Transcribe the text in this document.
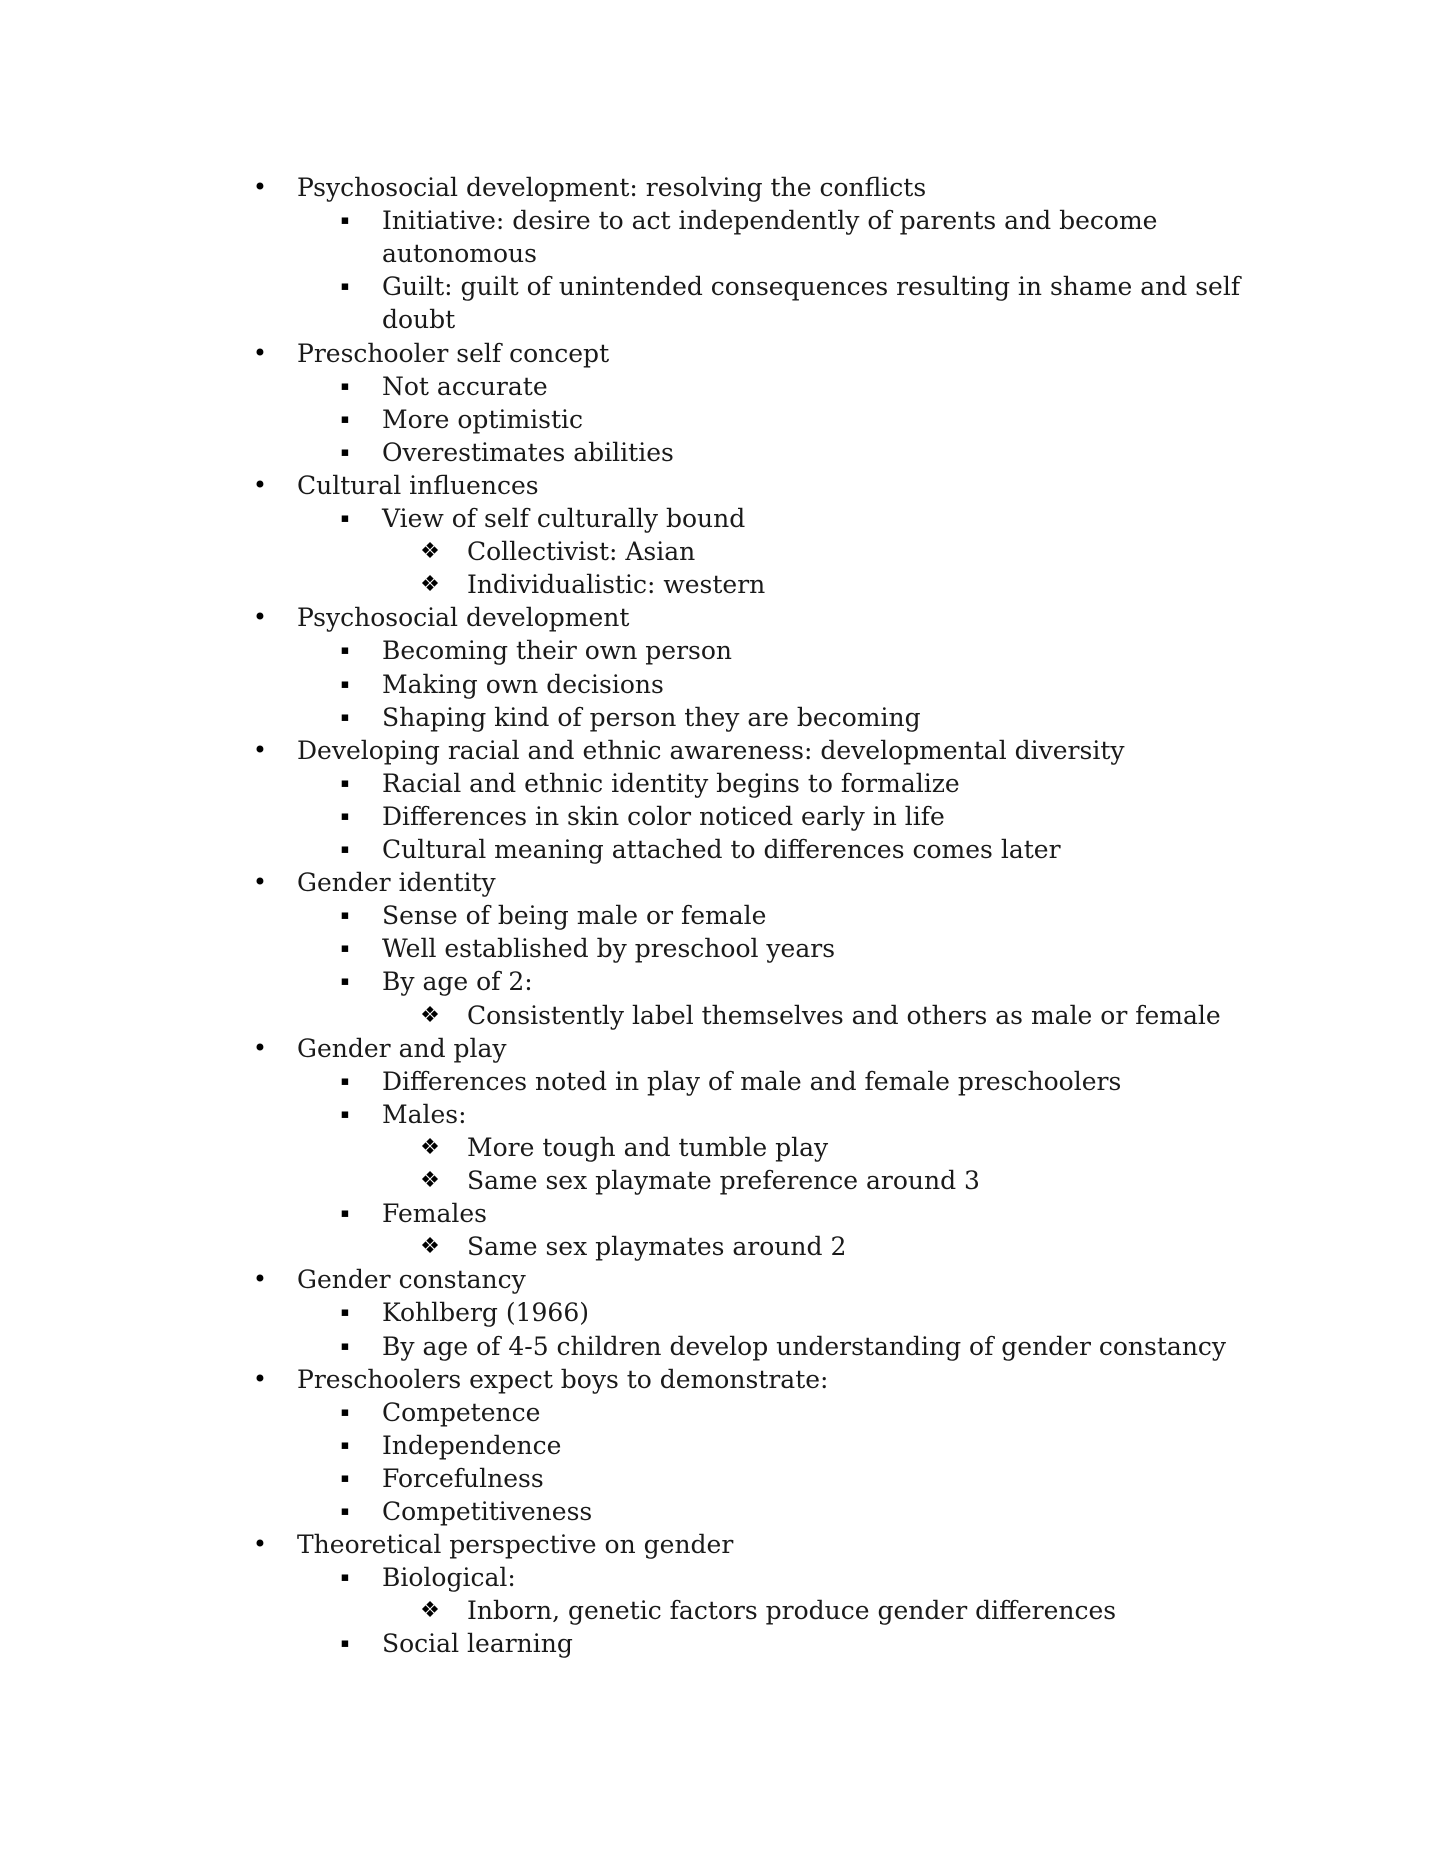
•	Psychosocial development: resolving the conflicts
▪	Initiative: desire to act independently of parents and become
autonomous
▪	Guilt: guilt of unintended consequences resulting in shame and self
doubt
•	Preschooler self concept
▪	Not accurate
▪	More optimistic
▪	Overestimates abilities
•	Cultural influences
▪	View of self culturally bound
❖ Collectivist: Asian
❖ Individualistic: western
•	Psychosocial development
▪	Becoming their own person
▪	Making own decisions
▪	Shaping kind of person they are becoming
•	Developing racial and ethnic awareness: developmental diversity
▪	Racial and ethnic identity begins to formalize
▪	Differences in skin color noticed early in life
▪	Cultural meaning attached to differences comes later
•	Gender identity
▪	Sense of being male or female
▪	Well established by preschool years
▪	By age of 2:
❖ Consistently label themselves and others as male or female
•	Gender and play
▪	Differences noted in play of male and female preschoolers
▪	Males:
❖ More tough and tumble play
❖ Same sex playmate preference around 3
▪	Females
❖ Same sex playmates around 2
•	Gender constancy
▪	Kohlberg (1966)
▪	By age of 4-5 children develop understanding of gender constancy
•	Preschoolers expect boys to demonstrate:
▪	Competence
▪	Independence
▪	Forcefulness
▪	Competitiveness
•	Theoretical perspective on gender
▪	Biological:
❖ Inborn, genetic factors produce gender differences
▪	Social learning
